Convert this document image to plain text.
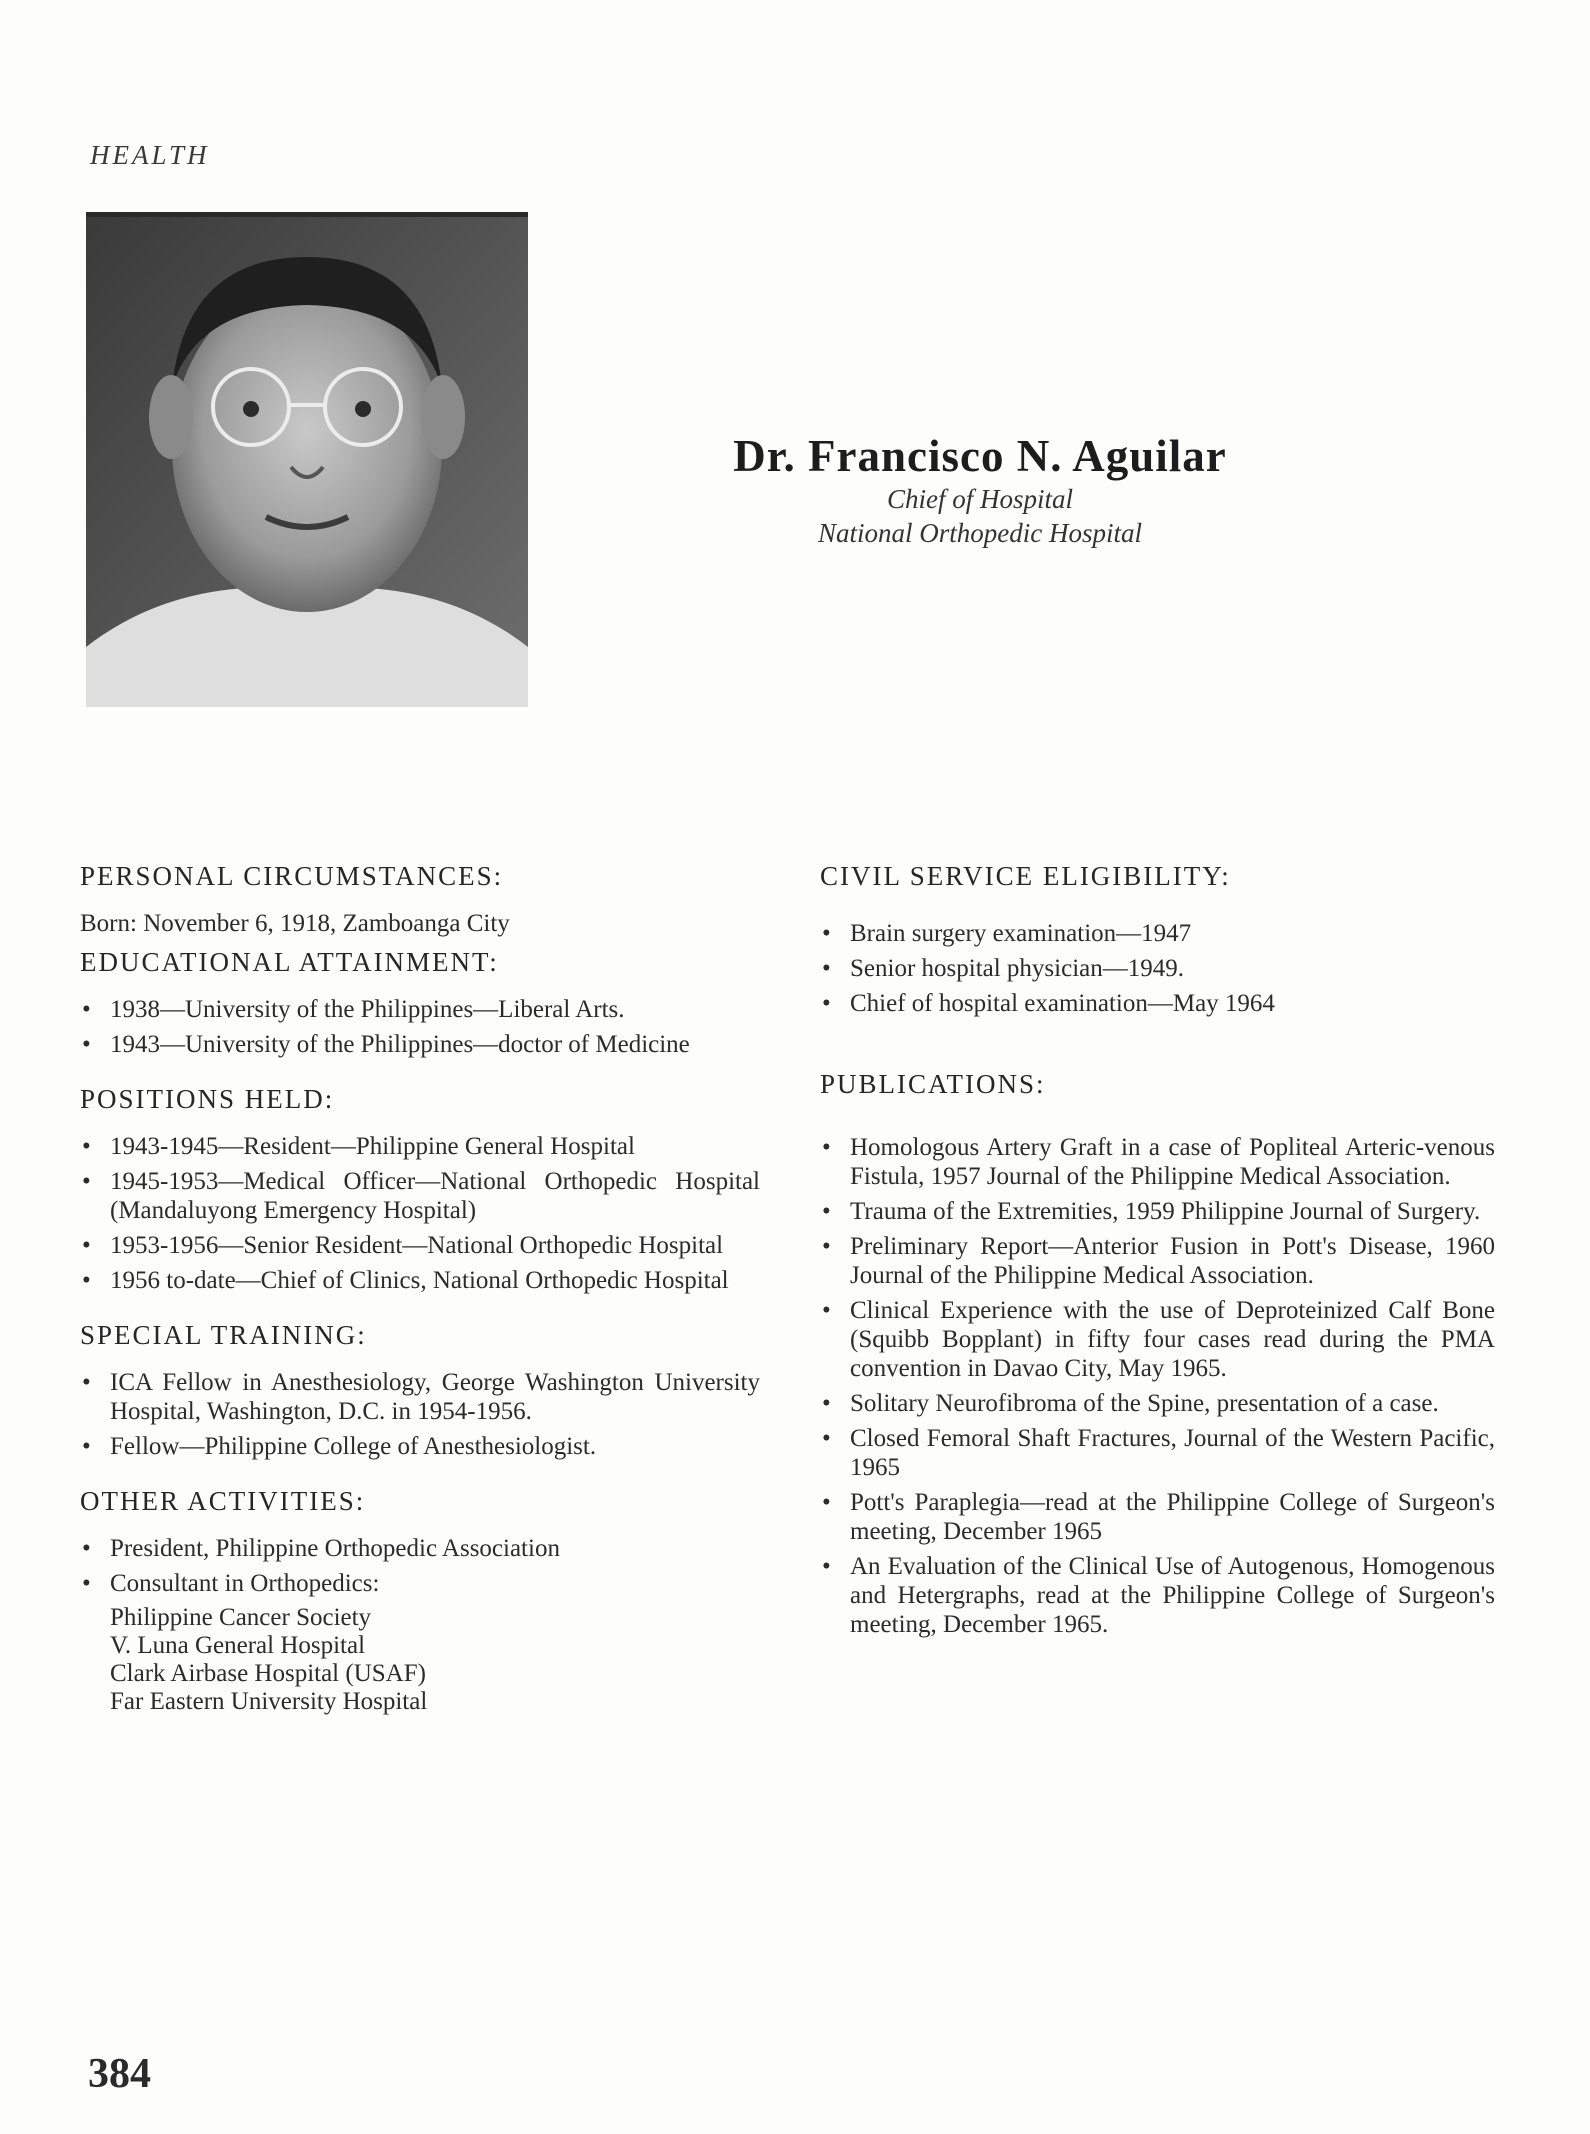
HEALTH
Dr. Francisco N. Aguilar
Chief of Hospital
National Orthopedic Hospital
PERSONAL CIRCUMSTANCES:
Born: November 6, 1918, Zamboanga City
EDUCATIONAL ATTAINMENT:
• 1938—University of the Philippines—Liberal Arts.
• 1943—University of the Philippines—doctor of Medicine
POSITIONS HELD:
• 1943-1945—Resident—Philippine General Hospital
• 1945-1953—Medical Officer—National Orthopedic Hospital (Mandaluyong Emergency Hospital)
• 1953-1956—Senior Resident—National Orthopedic Hospital
• 1956 to-date—Chief of Clinics, National Orthopedic Hospital
SPECIAL TRAINING:
• ICA Fellow in Anesthesiology, George Washington University Hospital, Washington, D.C. in 1954-1956.
• Fellow—Philippine College of Anesthesiologist.
OTHER ACTIVITIES:
• President, Philippine Orthopedic Association
• Consultant in Orthopedics:
Philippine Cancer Society
V. Luna General Hospital
Clark Airbase Hospital (USAF)
Far Eastern University Hospital
CIVIL SERVICE ELIGIBILITY:
• Brain surgery examination—1947
• Senior hospital physician—1949.
• Chief of hospital examination—May 1964
PUBLICATIONS:
• Homologous Artery Graft in a case of Popliteal Arteric-venous Fistula, 1957 Journal of the Philippine Medical Association.
• Trauma of the Extremities, 1959 Philippine Journal of Surgery.
• Preliminary Report—Anterior Fusion in Pott's Disease, 1960 Journal of the Philippine Medical Association.
• Clinical Experience with the use of Deproteinized Calf Bone (Squibb Bopplant) in fifty four cases read during the PMA convention in Davao City, May 1965.
• Solitary Neurofibroma of the Spine, presentation of a case.
• Closed Femoral Shaft Fractures, Journal of the Western Pacific, 1965
• Pott's Paraplegia—read at the Philippine College of Surgeon's meeting, December 1965
• An Evaluation of the Clinical Use of Autogenous, Homogenous and Hetergraphs, read at the Philippine College of Surgeon's meeting, December 1965.
384
